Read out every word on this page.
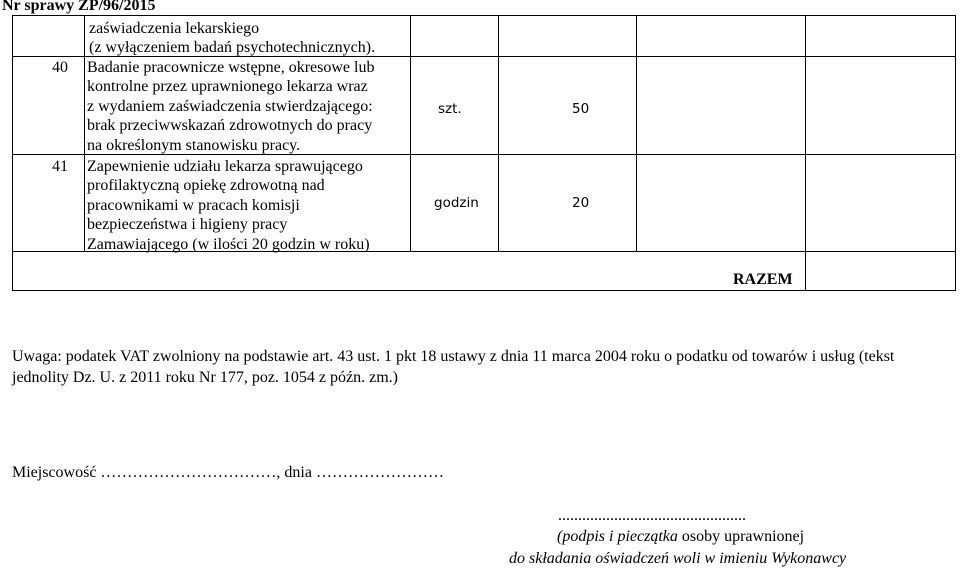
Nr sprawy ZP/96/2015
zaświadczenia lekarskiego
(z wyłączeniem badań psychotechnicznych).
40 Badanie pracownicze wstępne, okresowe lub
kontrolne przez uprawnionego lekarza wraz
z wydaniem zaświadczenia stwierdzającego:
brak przeciwwskazań zdrowotnych do pracy
na określonym stanowisku pracy.
szt.	50
41 Zapewnienie udziału lekarza sprawującego
profilaktyczną opiekę zdrowotną nad
pracownikami w pracach komisji
bezpieczeństwa i higieny pracy
Zamawiającego (w ilości 20 godzin w roku)
godzin	20
RAZEM
Uwaga: podatek VAT zwolniony na podstawie art. 43 ust. 1 pkt 18 ustawy z dnia 11 marca 2004 roku o podatku od towarów i usług (tekst
jednolity Dz. U. z 2011 roku Nr 177, poz. 1054 z późn. zm.)
Miejscowość ……………………………, dnia ……………………
...............................................
(podpis i pieczątka osoby uprawnionej
do składania oświadczeń woli w imieniu Wykonawcy
